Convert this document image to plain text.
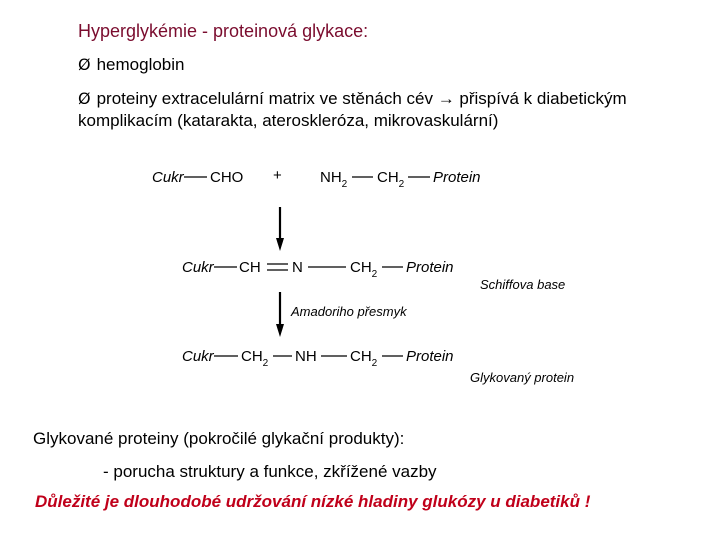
Hyperglykémie - proteinová glykace:
Ø hemoglobin
Ø proteiny extracelulární matrix ve stěnách cév → přispívá k diabetickým komplikacím (katarakta, ateroskleróza, mikrovaskulární)
Cukr CHO +	$NH_2$ $CH_2$ Protein
Cukr CH N	$CH_2$ Protein
Schiffova base
Amadoriho přesmyk
Cukr $CH_2$ NH $CH_2$ Protein
Glykovaný protein
Glykované proteiny (pokročilé glykační produkty):
- porucha struktury a funkce, zkřížené vazby
Důležité je dlouhodobé udržování nízké hladiny glukózy u diabetiků !
